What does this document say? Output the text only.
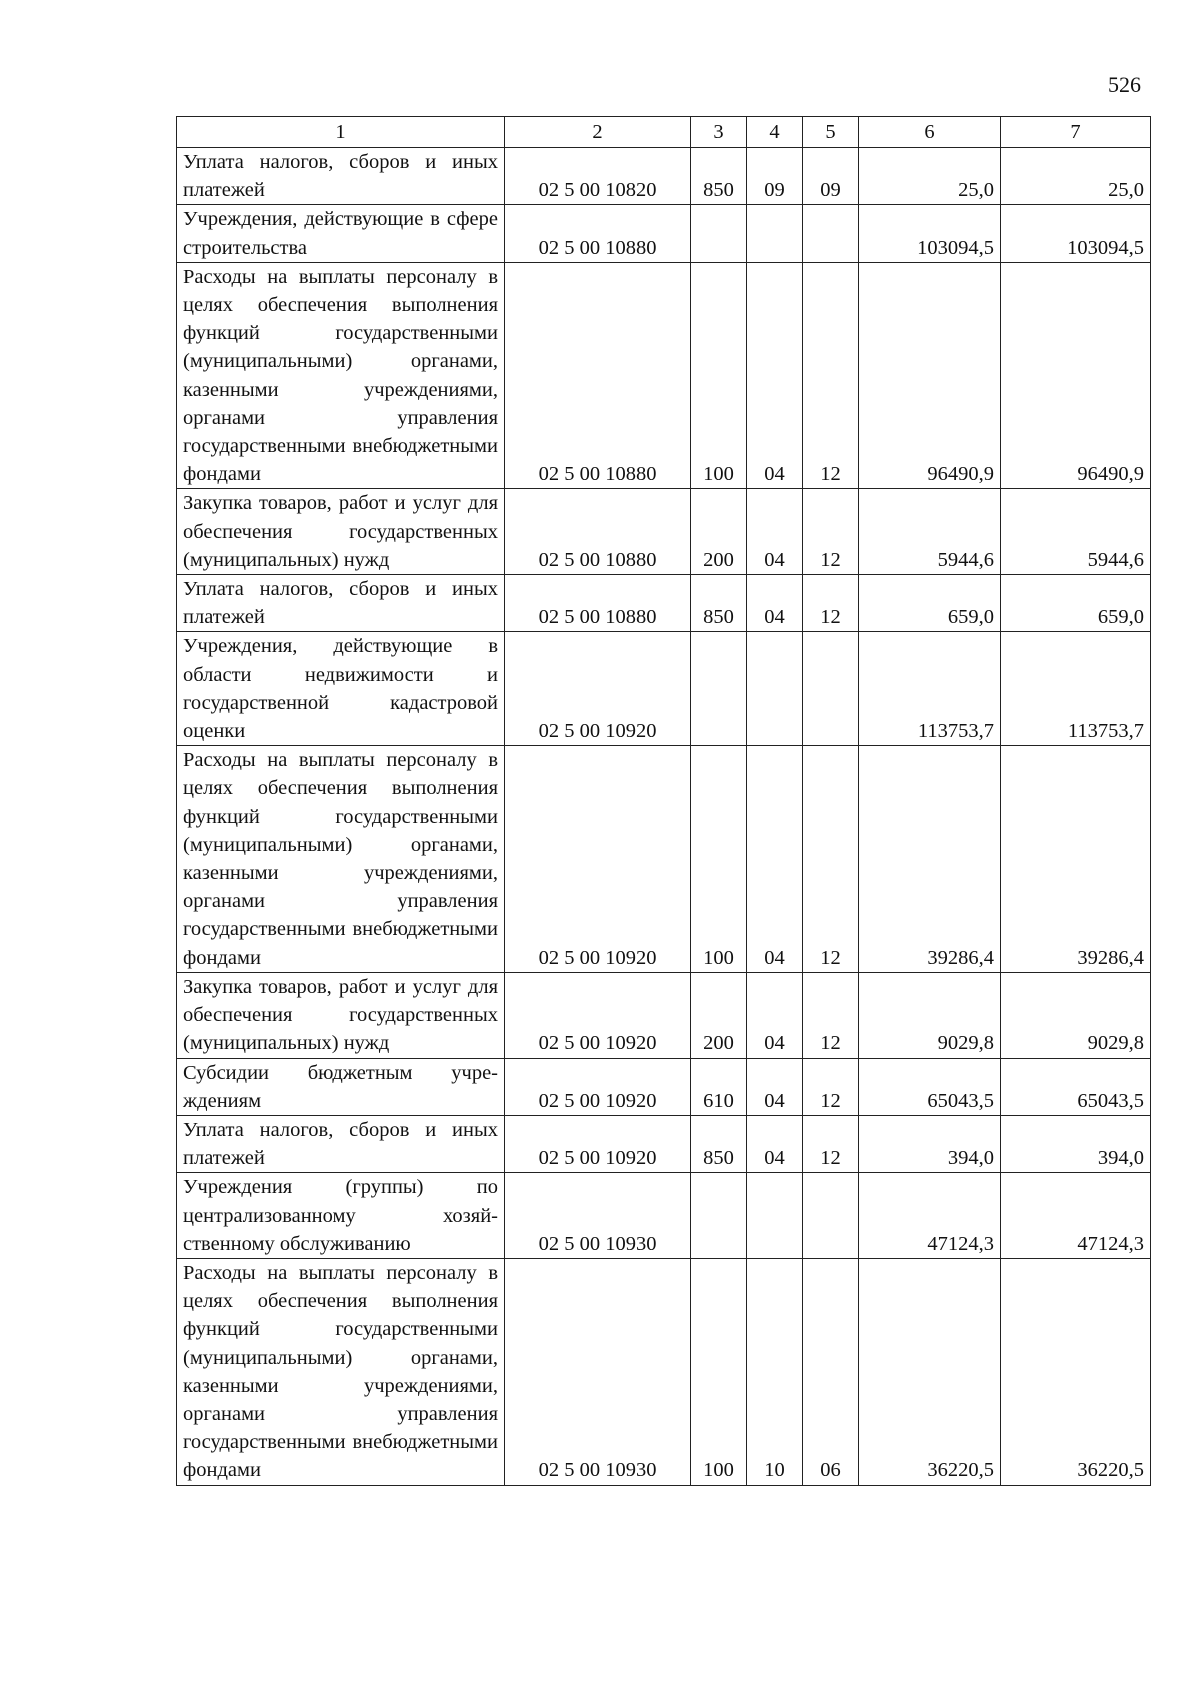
526
1	2	3	4	5	6	7
Уплата налогов, сборов и иных платежей	02 5 00 10820	850	09	09	25,0	25,0
Учреждения, действующие в сфере строительства	02 5 00 10880				103094,5	103094,5
Расходы на выплаты персоналу в целях обеспечения выполнения функций государственными (муниципальными) органами, казенными учреждениями, органами управления государственными внебюджетными фондами	02 5 00 10880	100	04	12	96490,9	96490,9
Закупка товаров, работ и услуг для обеспечения государственных (муниципальных) нужд	02 5 00 10880	200	04	12	5944,6	5944,6
Уплата налогов, сборов и иных платежей	02 5 00 10880	850	04	12	659,0	659,0
Учреждения, действующие в области недвижимости и государственной кадастровой оценки	02 5 00 10920				113753,7	113753,7
Расходы на выплаты персоналу в целях обеспечения выполнения функций государственными (муниципальными) органами, казенными учреждениями, органами управления государственными внебюджетными фондами	02 5 00 10920	100	04	12	39286,4	39286,4
Закупка товаров, работ и услуг для обеспечения государственных (муниципальных) нужд	02 5 00 10920	200	04	12	9029,8	9029,8
Субсидии бюджетным учреждениям	02 5 00 10920	610	04	12	65043,5	65043,5
Уплата налогов, сборов и иных платежей	02 5 00 10920	850	04	12	394,0	394,0
Учреждения (группы) по централизованному хозяйственному обслуживанию	02 5 00 10930				47124,3	47124,3
Расходы на выплаты персоналу в целях обеспечения выполнения функций государственными (муниципальными) органами, казенными учреждениями, органами управления государственными внебюджетными фондами	02 5 00 10930	100	10	06	36220,5	36220,5
